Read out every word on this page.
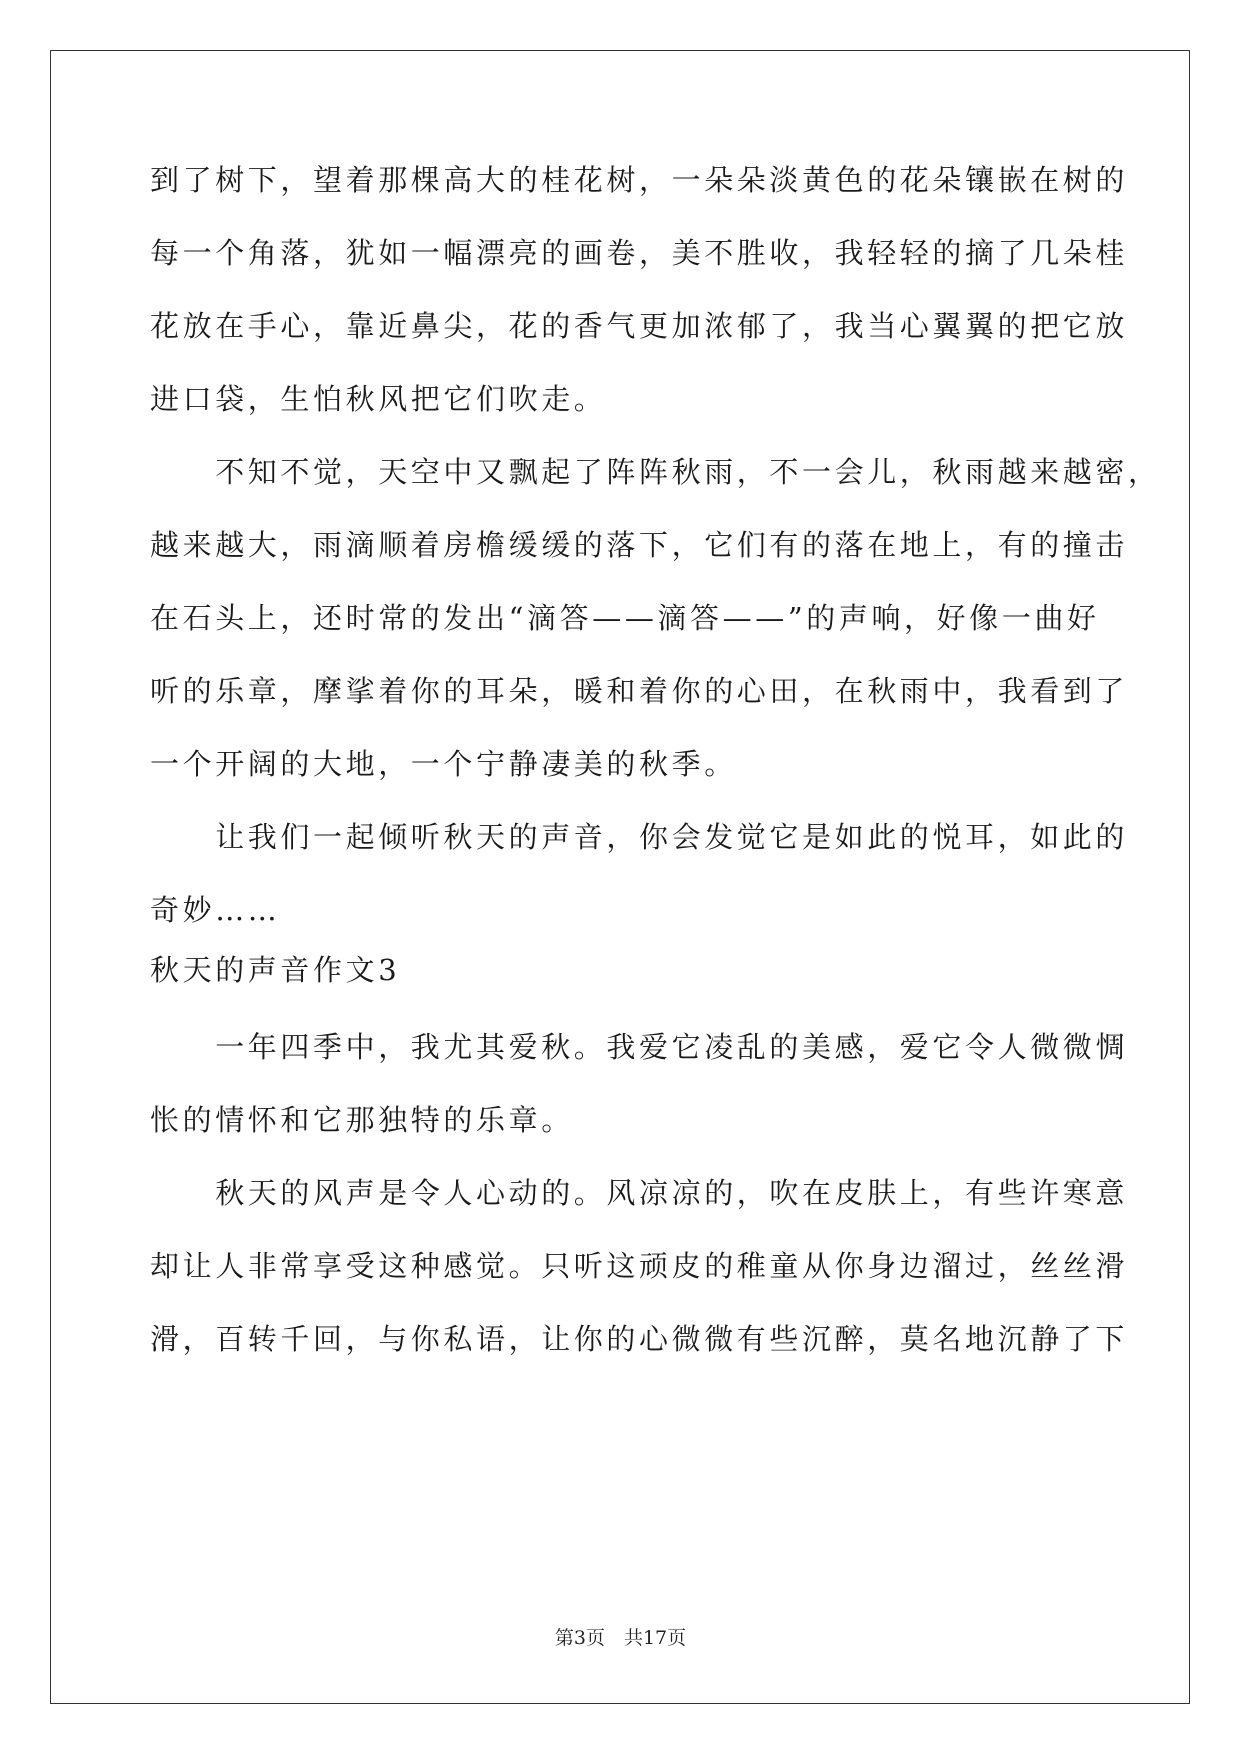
到了树下，望着那棵高大的桂花树，一朵朵淡黄色的花朵镶嵌在树的
每一个角落，犹如一幅漂亮的画卷，美不胜收，我轻轻的摘了几朵桂
花放在手心，靠近鼻尖，花的香气更加浓郁了，我当心翼翼的把它放
进口袋，生怕秋风把它们吹走。
　　不知不觉，天空中又飘起了阵阵秋雨，不一会儿，秋雨越来越密，
越来越大，雨滴顺着房檐缓缓的落下，它们有的落在地上，有的撞击
在石头上，还时常的发出“滴答——滴答——”的声响，好像一曲好
听的乐章，摩挲着你的耳朵，暖和着你的心田，在秋雨中，我看到了
一个开阔的大地，一个宁静凄美的秋季。
　　让我们一起倾听秋天的声音，你会发觉它是如此的悦耳，如此的
奇妙……
秋天的声音作文3
　　一年四季中，我尤其爱秋。我爱它凌乱的美感，爱它令人微微惆
怅的情怀和它那独特的乐章。
　　秋天的风声是令人心动的。风凉凉的，吹在皮肤上，有些许寒意
却让人非常享受这种感觉。只听这顽皮的稚童从你身边溜过，丝丝滑
滑，百转千回，与你私语，让你的心微微有些沉醉，莫名地沉静了下
第3页　共17页
